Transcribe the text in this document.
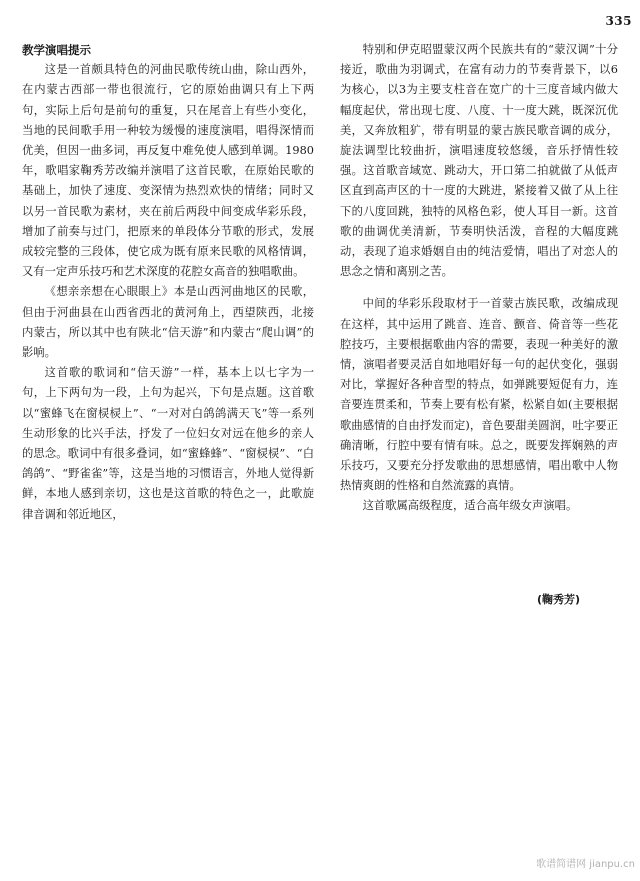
335
教学演唱提示

这是一首颇具特色的河曲民歌传统山曲，除山西外，在内蒙古西部一带也很流行，它的原始曲调只有上下两句，实际上后句是前句的重复，只在尾音上有些小变化，当地的民间歌手用一种较为缓慢的速度演唱，唱得深情而优美，但因一曲多词，再反复中难免使人感到单调。1980年，歌唱家鞠秀芳改编并演唱了这首民歌，在原始民歌的基础上，加快了速度、变深情为热烈欢快的情绪；同时又以另一首民歌为素材，夹在前后两段中间变成华彩乐段，增加了前奏与过门，把原来的单段体分节歌的形式，发展成较完整的三段体，使它成为既有原来民歌的风格情调，又有一定声乐技巧和艺术深度的花腔女高音的独唱歌曲。

《想亲亲想在心眼眼上》本是山西河曲地区的民歌，但由于河曲县在山西省西北的黄河角上，西望陕西，北接内蒙古，所以其中也有陕北“信天游”和内蒙古“爬山调”的影响。

这首歌的歌词和“信天游”一样，基本上以七字为一句，上下两句为一段，上句为起兴，下句是点题。这首歌以“蜜蜂飞在窗棂棂上”、“一对对白鸽鸽满天飞”等一系列生动形象的比兴手法，抒发了一位妇女对远在他乡的亲人的思念。歌词中有很多叠词，如“蜜蜂蜂”、“窗棂棂”、“白鸽鸽”、“野雀雀”等，这是当地的习惯语言，外地人觉得新鲜，本地人感到亲切，这也是这首歌的特色之一，此歌旋律音调和邻近地区，

特别和伊克昭盟蒙汉两个民族共有的“蒙汉调”十分接近，歌曲为羽调式，在富有动力的节奏背景下，以6为核心，以3为主要支柱音在宽广的十三度音域内做大幅度起伏，常出现七度、八度、十一度大跳，既深沉优美，又奔放粗犷，带有明显的蒙古族民歌音调的成分，旋法调型比较曲折，演唱速度较悠缓，音乐抒情性较强。这首歌音域宽、跳动大，开口第二拍就做了从低声区直到高声区的十一度的大跳进，紧接着又做了从上往下的八度回跳，独特的风格色彩，使人耳目一新。这首歌的曲调优美清新，节奏明快活泼，音程的大幅度跳动，表现了追求婚姻自由的纯洁爱情，唱出了对恋人的思念之情和离别之苦。

中间的华彩乐段取材于一首蒙古族民歌，改编成现在这样，其中运用了跳音、连音、颤音、倚音等一些花腔技巧，主要根据歌曲内容的需要，表现一种美好的激情，演唱者要灵活自如地唱好每一句的起伏变化，强弱对比，掌握好各种音型的特点，如弹跳要短促有力，连音要连贯柔和，节奏上要有松有紧，松紧自如(主要根据歌曲感情的自由抒发而定)，音色要甜美圆润，吐字要正确清晰，行腔中要有情有味。总之，既要发挥娴熟的声乐技巧，又要充分抒发歌曲的思想感情，唱出歌中人物热情爽朗的性格和自然流露的真情。

这首歌属高级程度，适合高年级女声演唱。

(鞠秀芳)
歌谱简谱网 jianpu.cn
